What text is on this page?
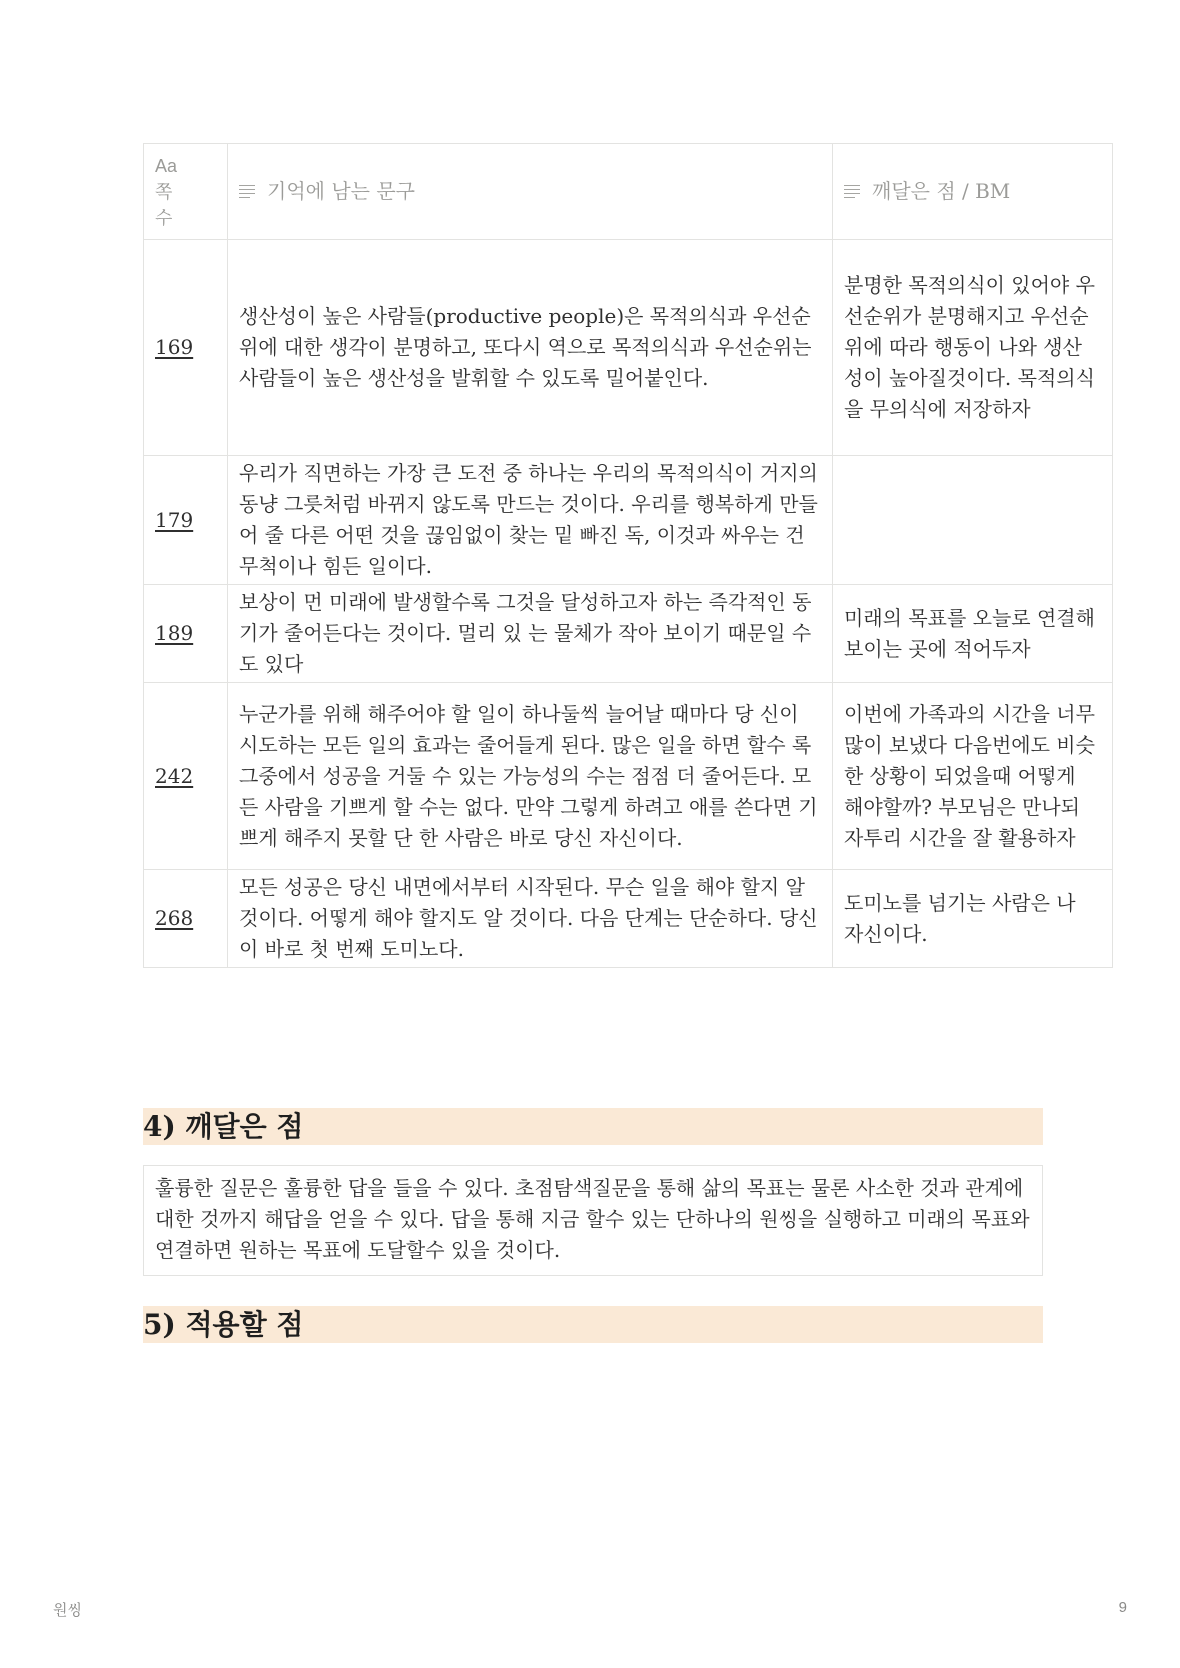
Aa
쪽수	기억에 남는 문구	깨달은 점 / BM
169	생산성이 높은 사람들(productive people)은 목적의식과 우선순위에 대한 생각이 분명하고, 또다시 역으로 목적의식과 우선순위는 사람들이 높은 생산성을 발휘할 수 있도록 밀어붙인다.	분명한 목적의식이 있어야 우선순위가 분명해지고 우선순위에 따라 행동이 나와 생산성이 높아질것이다. 목적의식을 무의식에 저장하자
179	우리가 직면하는 가장 큰 도전 중 하나는 우리의 목적의식이 거지의 동냥 그릇처럼 바뀌지 않도록 만드는 것이다. 우리를 행복하게 만들어 줄 다른 어떤 것을 끊임없이 찾는 밑 빠진 독, 이것과 싸우는 건 무척이나 힘든 일이다.	
189	보상이 먼 미래에 발생할수록 그것을 달성하고자 하는 즉각적인 동기가 줄어든다는 것이다. 멀리 있 는 물체가 작아 보이기 때문일 수도 있다	미래의 목표를 오늘로 연결해 보이는 곳에 적어두자
242	누군가를 위해 해주어야 할 일이 하나둘씩 늘어날 때마다 당 신이 시도하는 모든 일의 효과는 줄어들게 된다. 많은 일을 하면 할수 록 그중에서 성공을 거둘 수 있는 가능성의 수는 점점 더 줄어든다. 모든 사람을 기쁘게 할 수는 없다. 만약 그렇게 하려고 애를 쓴다면 기쁘게 해주지 못할 단 한 사람은 바로 당신 자신이다.	이번에 가족과의 시간을 너무 많이 보냈다 다음번에도 비슷한 상황이 되었을때 어떻게 해야할까? 부모님은 만나되 자투리 시간을 잘 활용하자
268	모든 성공은 당신 내면에서부터 시작된다. 무슨 일을 해야 할지 알 것이다. 어떻게 해야 할지도 알 것이다. 다음 단계는 단순하다. 당신이 바로 첫 번째 도미노다.	도미노를 넘기는 사람은 나 자신이다.
4) 깨달은 점
훌륭한 질문은 훌륭한 답을 들을 수 있다. 초점탐색질문을 통해 삶의 목표는 물론 사소한 것과 관계에 대한 것까지 해답을 얻을 수 있다. 답을 통해 지금 할수 있는 단하나의 원씽을 실행하고 미래의 목표와 연결하면 원하는 목표에 도달할수 있을 것이다.
5) 적용할 점
원씽	9
